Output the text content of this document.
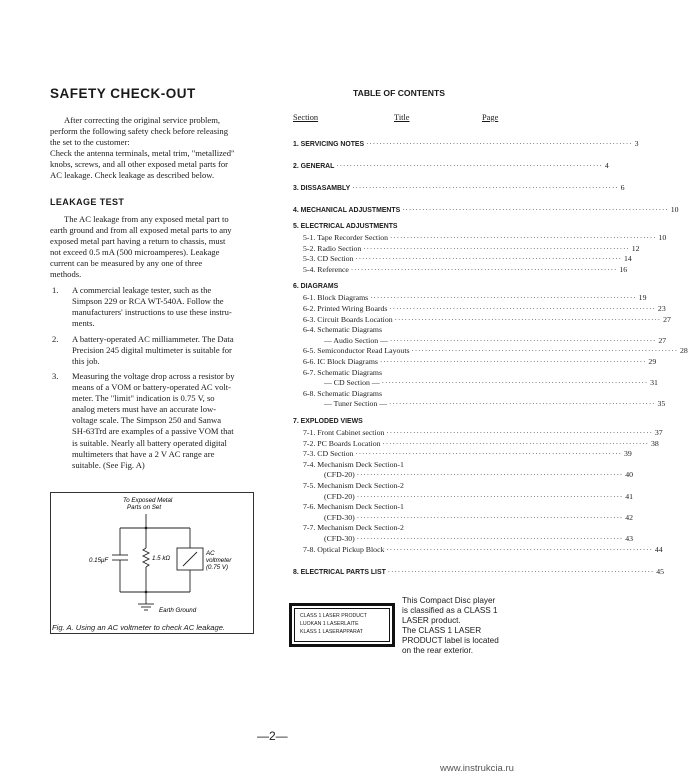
SAFETY CHECK-OUT
After correcting the original service problem,
perform the following safety check before releasing
the set to the customer:
Check the antenna terminals, metal trim, "metallized"
knobs, screws, and all other exposed metal parts for
AC leakage. Check leakage as described below.
LEAKAGE TEST
The AC leakage from any exposed metal part to
earth ground and from all exposed metal parts to any
exposed metal part having a return to chassis, must
not exceed 0.5 mA (500 microamperes). Leakage
current can be measured by any one of three
methods.
1. A commercial leakage tester, such as the
Simpson 229 or RCA WT-540A. Follow the
manufacturers' instructions to use these instru-
ments.
2. A battery-operated AC milliammeter. The Data
Precision 245 digital multimeter is suitable for
this job.
3. Measuring the voltage drop across a resistor by
means of a VOM or battery-operated AC volt-
meter. The "limit" indication is 0.75 V, so
analog meters must have an accurate low-
voltage scale. The Simpson 250 and Sanwa
SH-63Trd are examples of a passive VOM that
is suitable. Nearly all battery operated digital
multimeters that have a 2 V AC range are
suitable. (See Fig. A)
To Exposed Metal
Parts on Set
0.15μF	1.5 kΩ
AC
voltmeter
(0.75 V)
Earth Ground
Fig. A. Using an AC voltmeter to check AC leakage.
TABLE OF CONTENTS
Section	Title	Page
1. SERVICING NOTES ················································································ 3
2. GENERAL ················································································ 4
3. DISSASAMBLY ················································································ 6
4. MECHANICAL ADJUSTMENTS ················································································ 10
5. ELECTRICAL ADJUSTMENTS
5-1. Tape Recorder Section ················································································ 10
5-2. Radio Section ················································································ 12
5-3. CD Section ················································································ 14
5-4. Reference ················································································ 16
6. DIAGRAMS
6-1. Block Diagrams ················································································ 19
6-2. Printed Wiring Boards ················································································ 23
6-3. Circuit Boards Location ················································································ 27
6-4. Schematic Diagrams
— Audio Section — ················································································ 27
6-5. Semiconductor Read Layouts ················································································ 28
6-6. IC Block Diagrams ················································································ 29
6-7. Schematic Diagrams
— CD Section — ················································································ 31
6-8. Schematic Diagrams
— Tuner Section — ················································································ 35
7. EXPLODED VIEWS
7-1. Front Cabinet section ················································································ 37
7-2. PC Boards Location ················································································ 38
7-3. CD Section ················································································ 39
7-4. Mechanism Deck Section-1
(CFD-20) ················································································ 40
7-5. Mechanism Deck Section-2
(CFD-20) ················································································ 41
7-6. Mechanism Deck Section-1
(CFD-30) ················································································ 42
7-7. Mechanism Deck Section-2
(CFD-30) ················································································ 43
7-8. Optical Pickup Block ················································································ 44
8. ELECTRICAL PARTS LIST ················································································ 45
CLASS 1 LASER PRODUCT
LUOKAN 1 LASERLAITE
KLASS 1 LASERAPPARAT
This Compact Disc player
is classified as a CLASS 1
LASER product.
The CLASS 1 LASER
PRODUCT label is located
on the rear exterior.
—2—
www.instrukcia.ru
